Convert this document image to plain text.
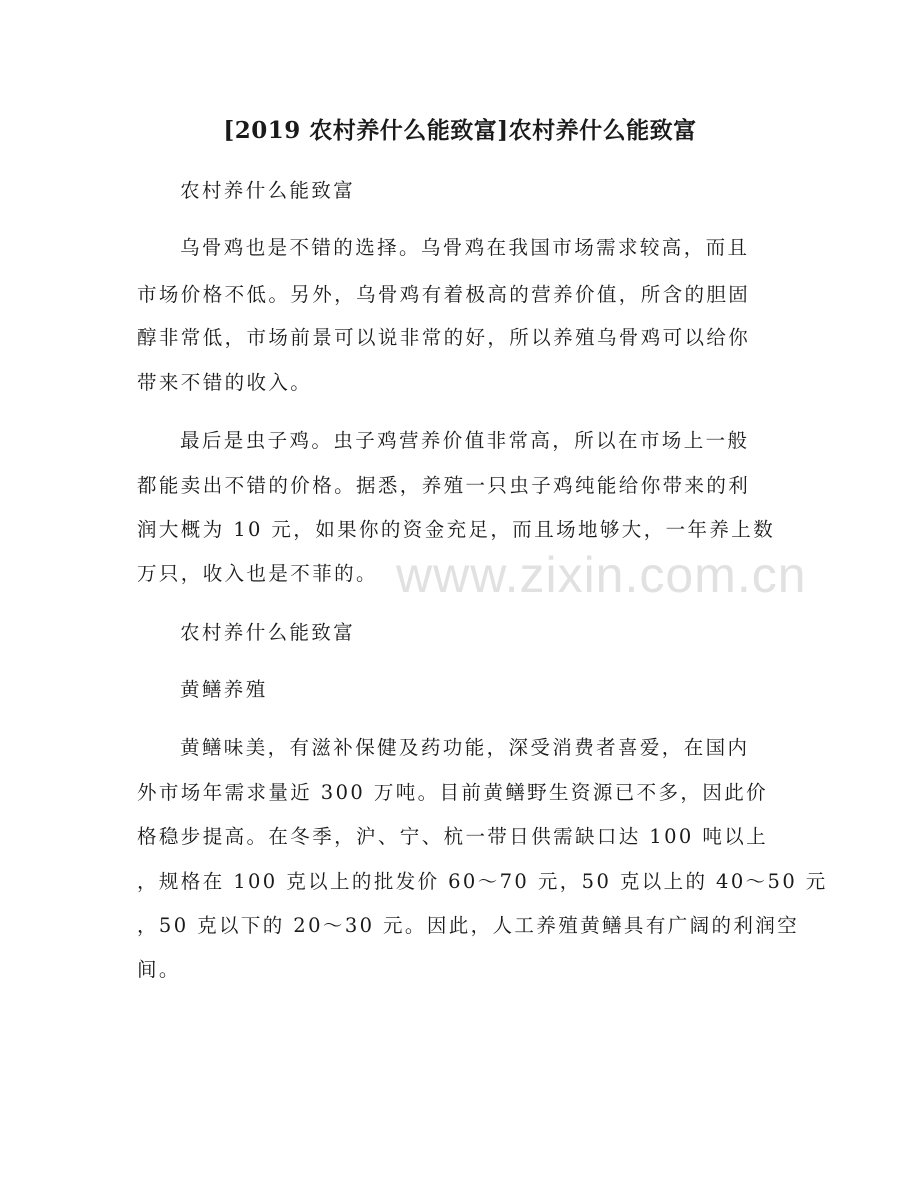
www.zixin.com.cn
[2019 农村养什么能致富]农村养什么能致富
农村养什么能致富
乌骨鸡也是不错的选择。乌骨鸡在我国市场需求较高，而且
市场价格不低。另外，乌骨鸡有着极高的营养价值，所含的胆固
醇非常低，市场前景可以说非常的好，所以养殖乌骨鸡可以给你
带来不错的收入。
最后是虫子鸡。虫子鸡营养价值非常高，所以在市场上一般
都能卖出不错的价格。据悉，养殖一只虫子鸡纯能给你带来的利
润大概为 10 元，如果你的资金充足，而且场地够大，一年养上数
万只，收入也是不菲的。
农村养什么能致富
黄鳝养殖
黄鳝味美，有滋补保健及药功能，深受消费者喜爱，在国内
外市场年需求量近 300 万吨。目前黄鳝野生资源已不多，因此价
格稳步提高。在冬季，沪、宁、杭一带日供需缺口达 100 吨以上
，规格在 100 克以上的批发价 60～70 元，50 克以上的 40～50 元
，50 克以下的 20～30 元。因此，人工养殖黄鳝具有广阔的利润空
间。
